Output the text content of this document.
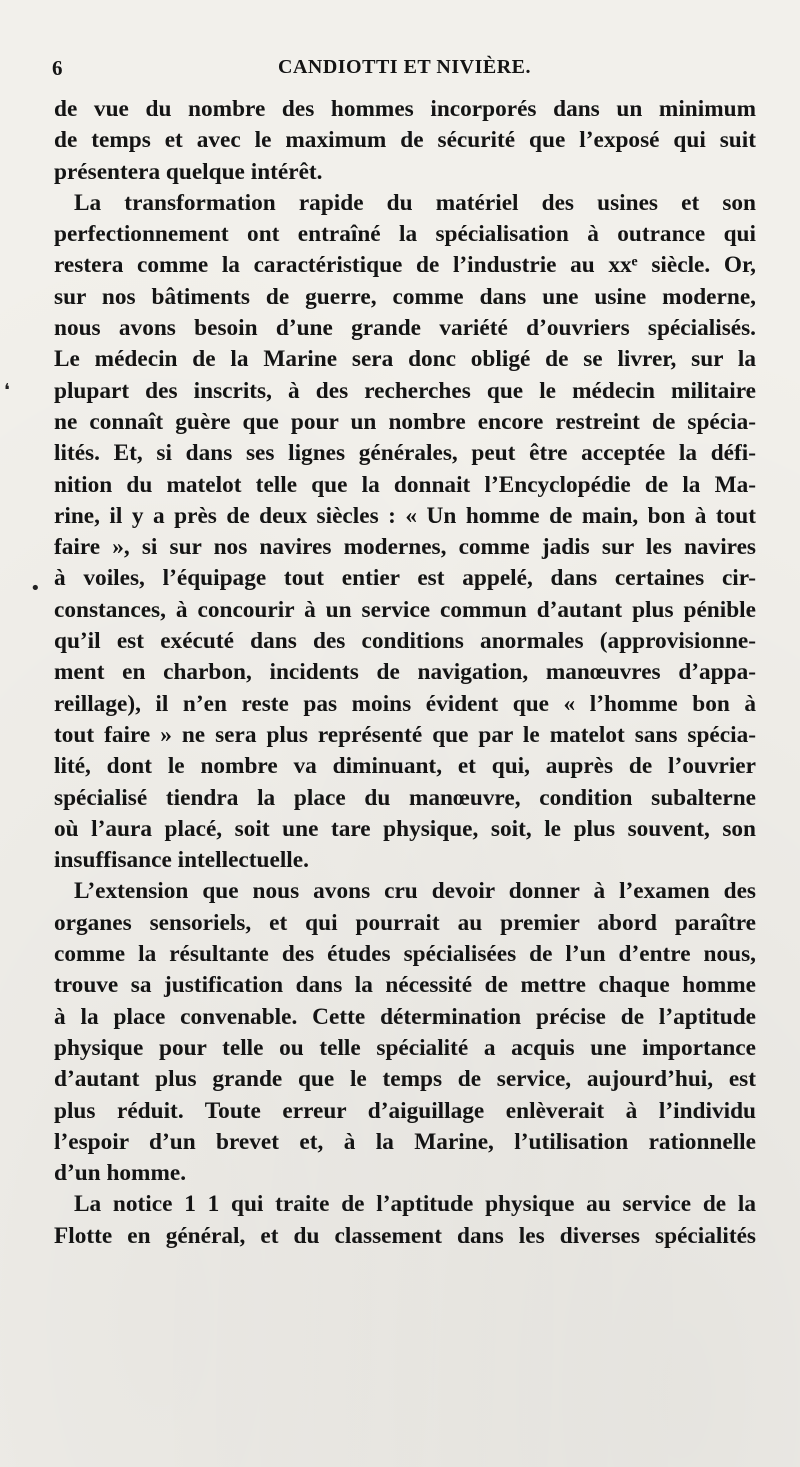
6	CANDIOTTI ET NIVIÈRE.
❛
•
de vue du nombre des hommes incorporés dans un minimum
de temps et avec le maximum de sécurité que l’exposé qui suit
présentera quelque intérêt.
La transformation rapide du matériel des usines et son
perfectionnement ont entraîné la spécialisation à outrance qui
restera comme la caractéristique de l’industrie au xxᵉ siècle. Or,
sur nos bâtiments de guerre, comme dans une usine moderne,
nous avons besoin d’une grande variété d’ouvriers spécialisés.
Le médecin de la Marine sera donc obligé de se livrer, sur la
plupart des inscrits, à des recherches que le médecin militaire
ne connaît guère que pour un nombre encore restreint de spécia-
lités. Et, si dans ses lignes générales, peut être acceptée la défi-
nition du matelot telle que la donnait l’Encyclopédie de la Ma-
rine, il y a près de deux siècles : « Un homme de main, bon à tout
faire », si sur nos navires modernes, comme jadis sur les navires
à voiles, l’équipage tout entier est appelé, dans certaines cir-
constances, à concourir à un service commun d’autant plus pénible
qu’il est exécuté dans des conditions anormales (approvisionne-
ment en charbon, incidents de navigation, manœuvres d’appa-
reillage), il n’en reste pas moins évident que « l’homme bon à
tout faire » ne sera plus représenté que par le matelot sans spécia-
lité, dont le nombre va diminuant, et qui, auprès de l’ouvrier
spécialisé tiendra la place du manœuvre, condition subalterne
où l’aura placé, soit une tare physique, soit, le plus souvent, son
insuffisance intellectuelle.
L’extension que nous avons cru devoir donner à l’examen des
organes sensoriels, et qui pourrait au premier abord paraître
comme la résultante des études spécialisées de l’un d’entre nous,
trouve sa justification dans la nécessité de mettre chaque homme
à la place convenable. Cette détermination précise de l’aptitude
physique pour telle ou telle spécialité a acquis une importance
d’autant plus grande que le temps de service, aujourd’hui, est
plus réduit. Toute erreur d’aiguillage enlèverait à l’individu
l’espoir d’un brevet et, à la Marine, l’utilisation rationnelle
d’un homme.
La notice 1 1 qui traite de l’aptitude physique au service de la
Flotte en général, et du classement dans les diverses spécialités
